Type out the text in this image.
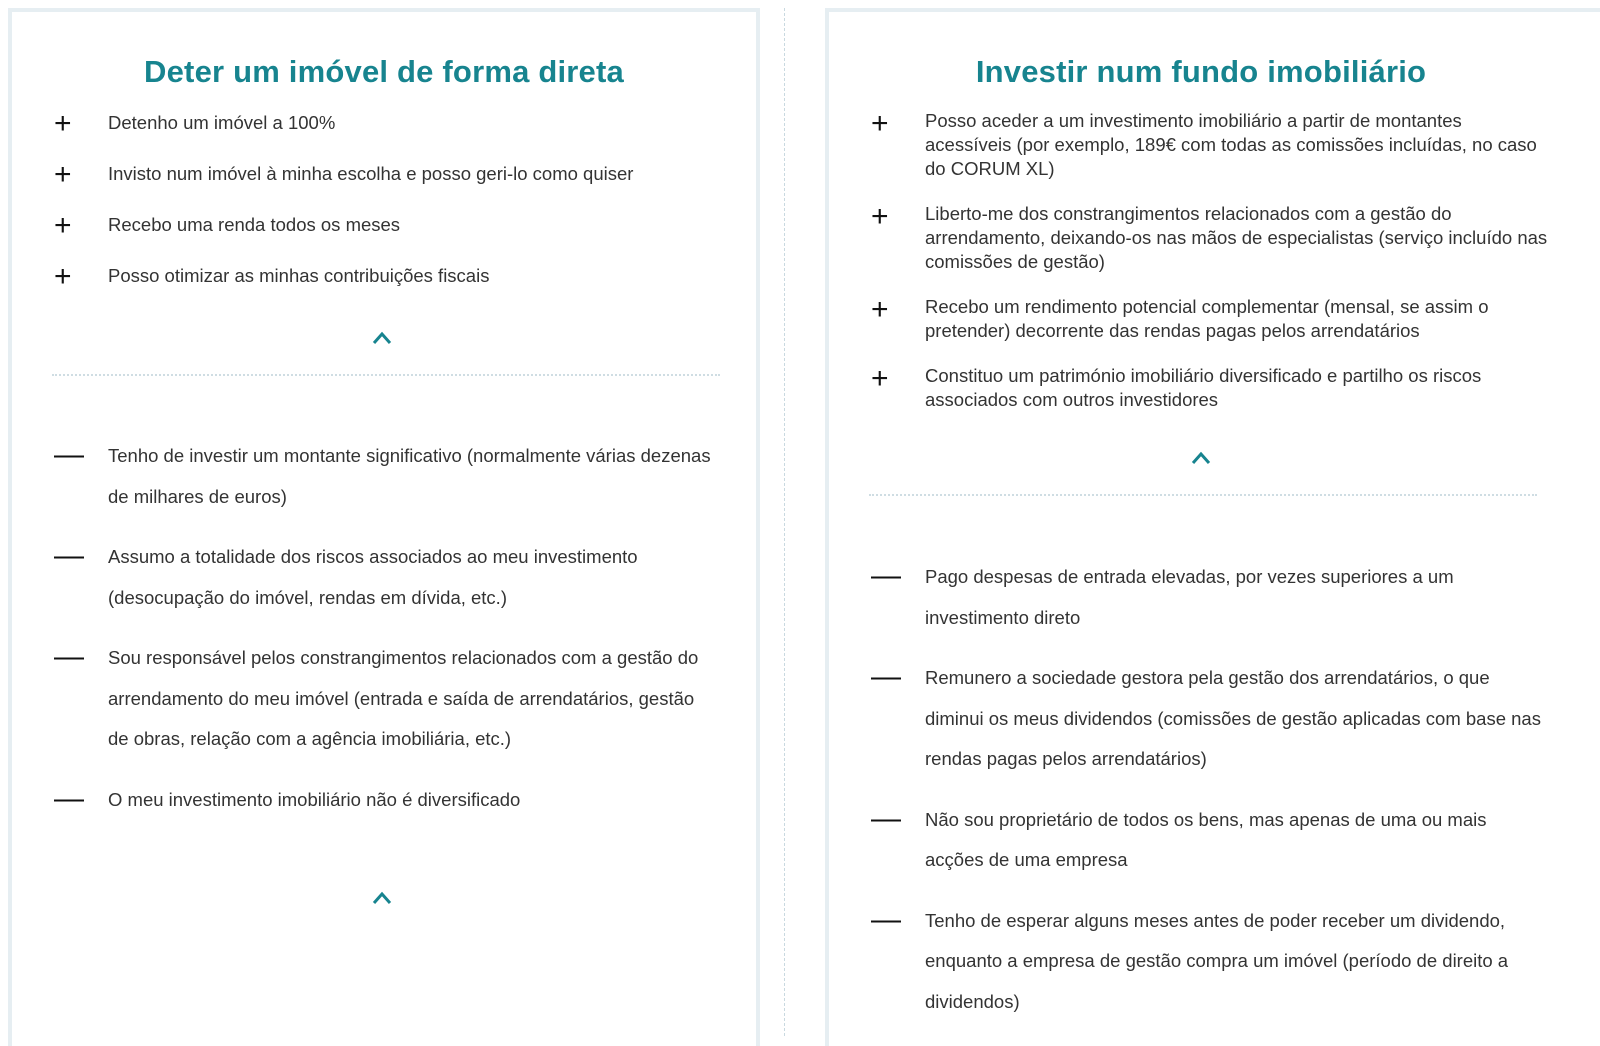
Deter um imóvel de forma direta
+ Detenho um imóvel a 100%
+ Invisto num imóvel à minha escolha e posso geri-lo como quiser
+ Recebo uma renda todos os meses
+ Posso otimizar as minhas contribuições fiscais
— Tenho de investir um montante significativo (normalmente várias dezenas de milhares de euros)
— Assumo a totalidade dos riscos associados ao meu investimento (desocupação do imóvel, rendas em dívida, etc.)
— Sou responsável pelos constrangimentos relacionados com a gestão do arrendamento do meu imóvel (entrada e saída de arrendatários, gestão de obras, relação com a agência imobiliária, etc.)
— O meu investimento imobiliário não é diversificado
Investir num fundo imobiliário
+ Posso aceder a um investimento imobiliário a partir de montantes acessíveis (por exemplo, 189€ com todas as comissões incluídas, no caso do CORUM XL)
+ Liberto-me dos constrangimentos relacionados com a gestão do arrendamento, deixando-os nas mãos de especialistas (serviço incluído nas comissões de gestão)
+ Recebo um rendimento potencial complementar (mensal, se assim o pretender) decorrente das rendas pagas pelos arrendatários
+ Constituo um património imobiliário diversificado e partilho os riscos associados com outros investidores
— Pago despesas de entrada elevadas, por vezes superiores a um investimento direto
— Remunero a sociedade gestora pela gestão dos arrendatários, o que diminui os meus dividendos (comissões de gestão aplicadas com base nas rendas pagas pelos arrendatários)
— Não sou proprietário de todos os bens, mas apenas de uma ou mais acções de uma empresa
— Tenho de esperar alguns meses antes de poder receber um dividendo, enquanto a empresa de gestão compra um imóvel (período de direito a dividendos)
